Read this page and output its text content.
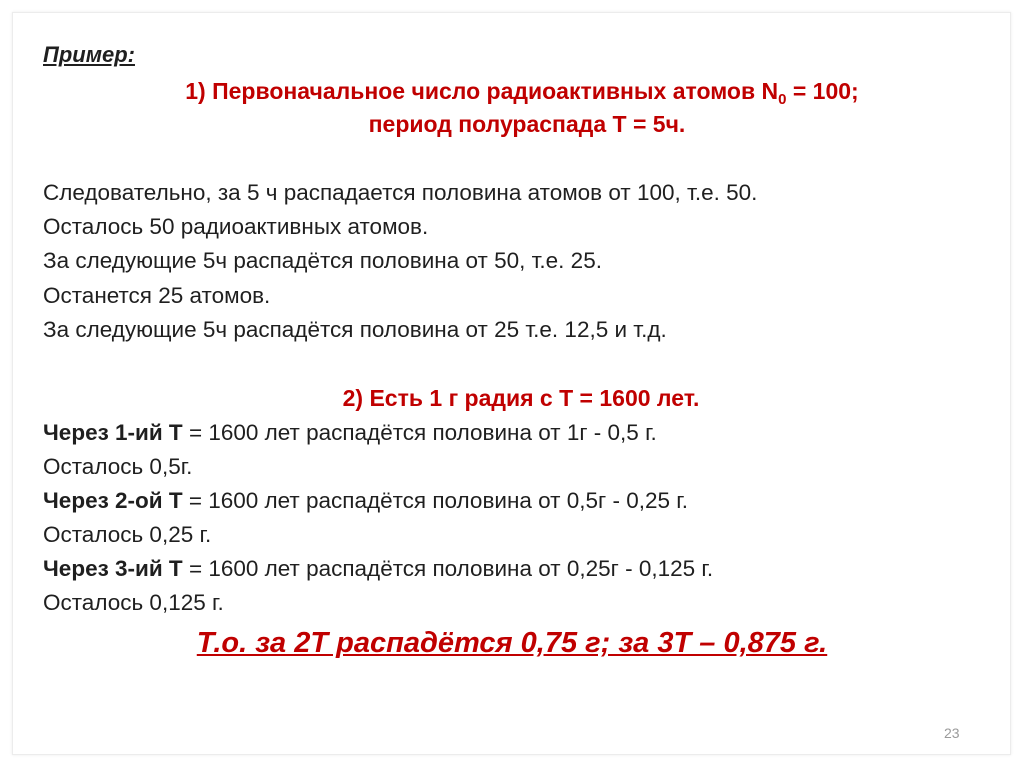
Пример:
1) Первоначальное число радиоактивных атомов $N_0 = 100$;
период полураспада Т = 5ч.
Следовательно, за 5 ч распадается половина атомов от 100, т.е. 50.
Осталось 50 радиоактивных атомов.
За следующие 5ч распадётся половина от 50, т.е. 25.
Останется 25 атомов.
За следующие 5ч распадётся половина от 25 т.е. 12,5 и т.д.
2) Есть 1 г радия с Т = 1600 лет.
Через 1-ий Т = 1600 лет распадётся половина от 1г - 0,5 г.
Осталось 0,5г.
Через 2-ой Т = 1600 лет распадётся половина от 0,5г - 0,25 г.
Осталось 0,25 г.
Через 3-ий Т = 1600 лет распадётся половина от 0,25г - 0,125 г.
Осталось 0,125 г.
Т.о. за 2Т распадётся 0,75 г; за 3Т – 0,875 г.
23
